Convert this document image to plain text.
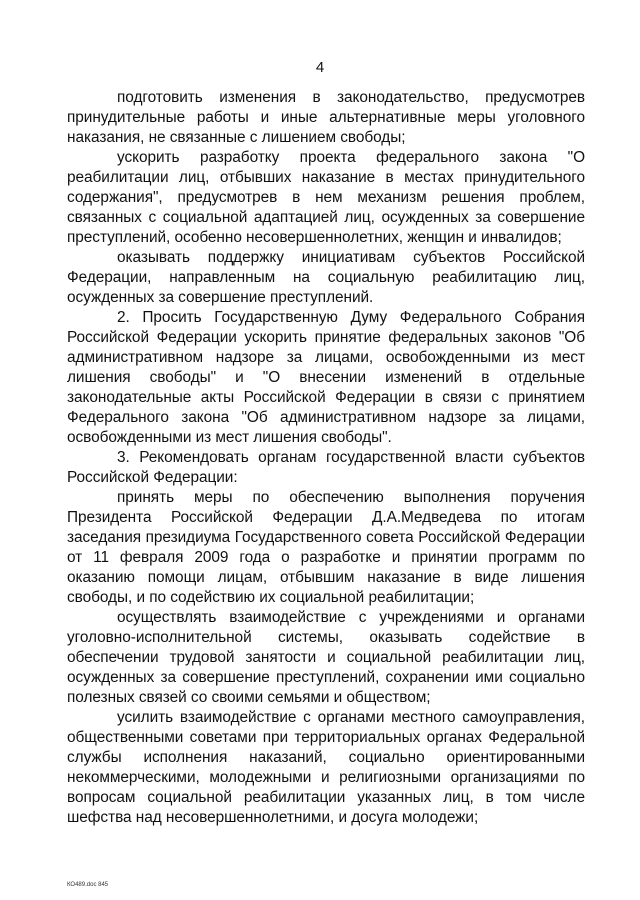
4

подготовить изменения в законодательство, предусмотрев принудительные работы и иные альтернативные меры уголовного наказания, не связанные с лишением свободы;

ускорить разработку проекта федерального закона "О реабилитации лиц, отбывших наказание в местах принудительного содержания", предусмотрев в нем механизм решения проблем, связанных с социальной адаптацией лиц, осужденных за совершение преступлений, особенно несовершеннолетних, женщин и инвалидов;

оказывать поддержку инициативам субъектов Российской Федерации, направленным на социальную реабилитацию лиц, осужденных за совершение преступлений.

2. Просить Государственную Думу Федерального Собрания Российской Федерации ускорить принятие федеральных законов "Об административном надзоре за лицами, освобожденными из мест лишения свободы" и "О внесении изменений в отдельные законодательные акты Российской Федерации в связи с принятием Федерального закона "Об административном надзоре за лицами, освобожденными из мест лишения свободы".

3. Рекомендовать органам государственной власти субъектов Российской Федерации:

принять меры по обеспечению выполнения поручения Президента Российской Федерации Д.А.Медведева по итогам заседания президиума Государственного совета Российской Федерации от 11 февраля 2009 года о разработке и принятии программ по оказанию помощи лицам, отбывшим наказание в виде лишения свободы, и по содействию их социальной реабилитации;

осуществлять взаимодействие с учреждениями и органами уголовно-исполнительной системы, оказывать содействие в обеспечении трудовой занятости и социальной реабилитации лиц, осужденных за совершение преступлений, сохранении ими социально полезных связей со своими семьями и обществом;

усилить взаимодействие с органами местного самоуправления, общественными советами при территориальных органах Федеральной службы исполнения наказаний, социально ориентированными некоммерческими, молодежными и религиозными организациями по вопросам социальной реабилитации указанных лиц, в том числе шефства над несовершеннолетними, и досуга молодежи;

КО489.doc 845
